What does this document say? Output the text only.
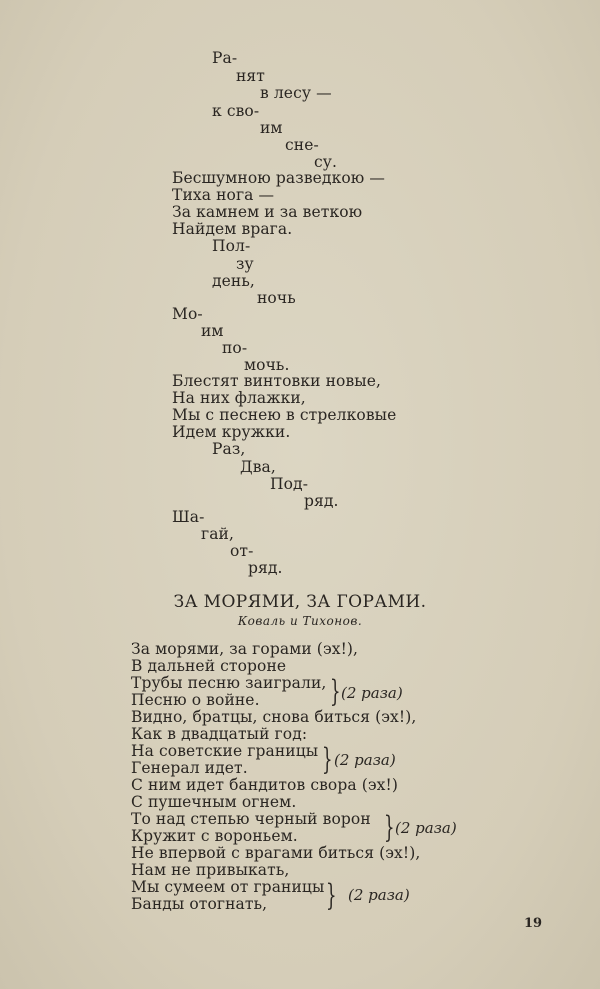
Ра-
нят
в лесу —
к сво-
им
сне-
су.
Бесшумною разведкою —
Тиха нога —
За камнем и за веткою
Найдем врага.
Пол-
зу
день,
ночь
Мо-
им
по-
мочь.
Блестят винтовки новые,
На них флажки,
Мы с песнею в стрелковые
Идем кружки.
Раз,
Два,
Под-
ряд.
Ша-
гай,
от-
ряд.
ЗА МОРЯМИ, ЗА ГОРАМИ.
Коваль и Тихонов.
За морями, за горами (эх!),
В дальней стороне
Трубы песню заиграли,
Песню о войне.
Видно, братцы, снова биться (эх!),
Как в двадцатый год:
На советские границы
Генерал идет.
С ним идет бандитов свора (эх!)
С пушечным огнем.
То над степью черный ворон
Кружит с вороньем.
Не впервой с врагами биться (эх!),
Нам не привыкать,
Мы сумеем от границы
Банды отогнать,
} (2 раза)
} (2 раза)
} (2 раза)
} (2 раза)
19
